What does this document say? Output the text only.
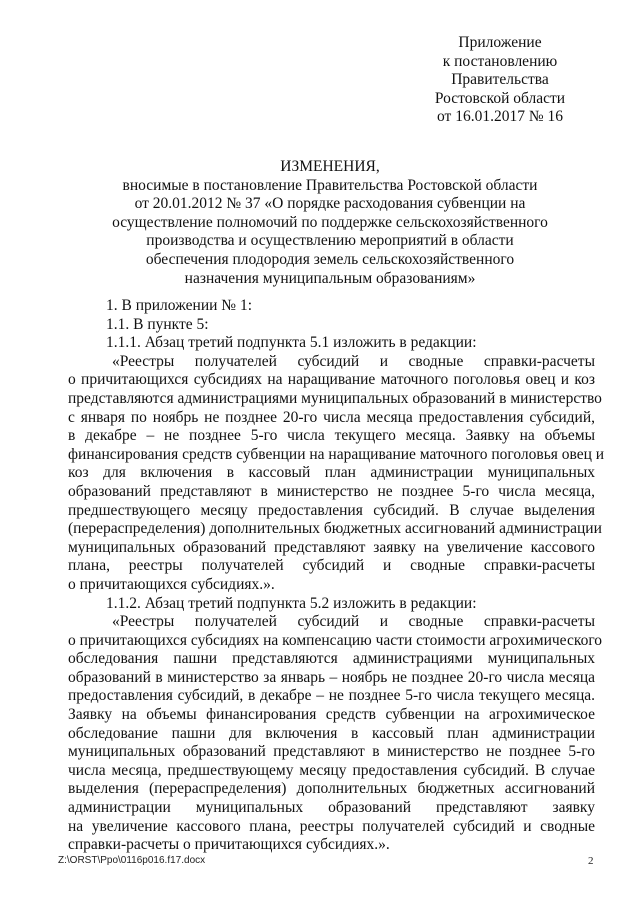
Приложение
к постановлению
Правительства
Ростовской области
от 16.01.2017 № 16
ИЗМЕНЕНИЯ,
вносимые в постановление Правительства Ростовской области
от 20.01.2012 № 37 «О порядке расходования субвенции на
осуществление полномочий по поддержке сельскохозяйственного
производства и осуществлению мероприятий в области
обеспечения плодородия земель сельскохозяйственного
назначения муниципальным образованиям»
1. В приложении № 1:
1.1. В пункте 5:
1.1.1. Абзац третий подпункта 5.1 изложить в редакции:
«Реестры получателей субсидий и сводные справки-расчеты
о причитающихся субсидиях на наращивание маточного поголовья овец и коз
представляются администрациями муниципальных образований в министерство
с января по ноябрь не позднее 20-го числа месяца предоставления субсидий,
в декабре – не позднее 5-го числа текущего месяца. Заявку на объемы
финансирования средств субвенции на наращивание маточного поголовья овец и
коз для включения в кассовый план администрации муниципальных
образований представляют в министерство не позднее 5-го числа месяца,
предшествующего месяцу предоставления субсидий. В случае выделения
(перераспределения) дополнительных бюджетных ассигнований администрации
муниципальных образований представляют заявку на увеличение кассового
плана, реестры получателей субсидий и сводные справки-расчеты
о причитающихся субсидиях.».
1.1.2. Абзац третий подпункта 5.2 изложить в редакции:
«Реестры получателей субсидий и сводные справки-расчеты
о причитающихся субсидиях на компенсацию части стоимости агрохимического
обследования пашни представляются администрациями муниципальных
образований в министерство за январь – ноябрь не позднее 20-го числа месяца
предоставления субсидий, в декабре – не позднее 5-го числа текущего месяца.
Заявку на объемы финансирования средств субвенции на агрохимическое
обследование пашни для включения в кассовый план администрации
муниципальных образований представляют в министерство не позднее 5-го
числа месяца, предшествующему месяцу предоставления субсидий. В случае
выделения (перераспределения) дополнительных бюджетных ассигнований
администрации муниципальных образований представляют заявку
на увеличение кассового плана, реестры получателей субсидий и сводные
справки-расчеты о причитающихся субсидиях.».
Z:\ORST\Ppo\0116p016.f17.docx	2
